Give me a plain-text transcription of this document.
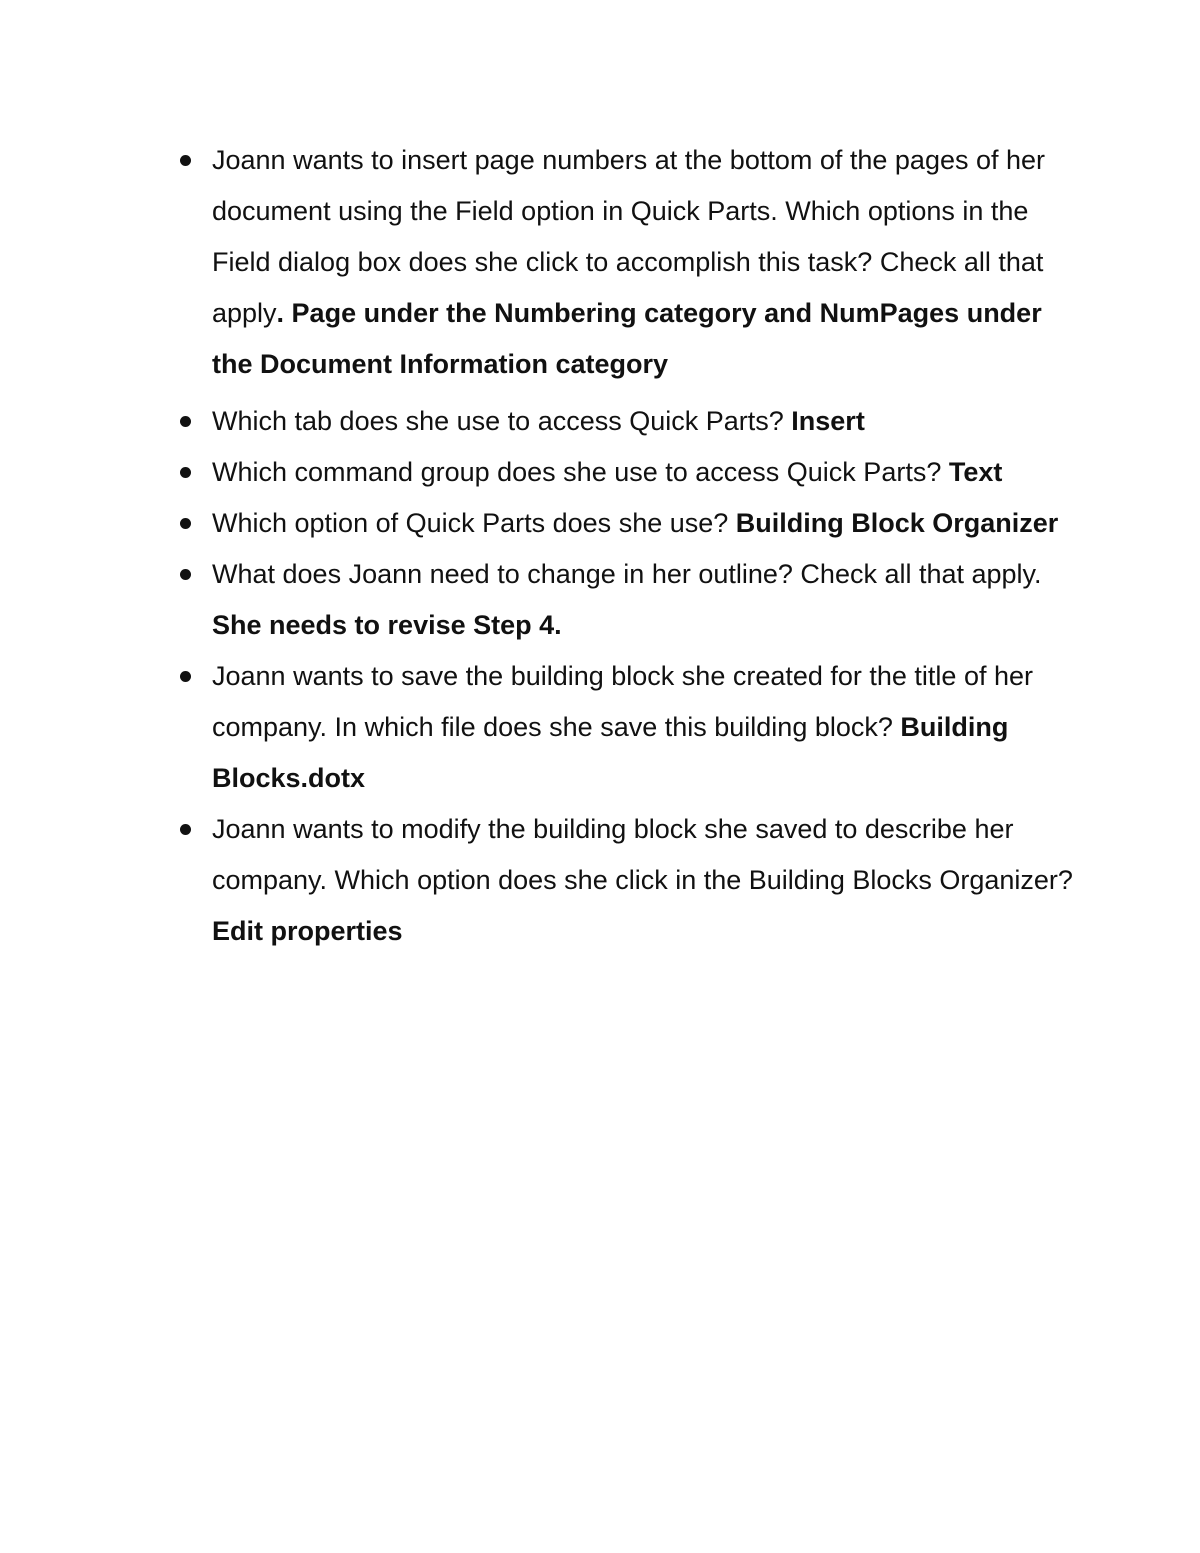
Joann wants to insert page numbers at the bottom of the pages of her document using the Field option in Quick Parts. Which options in the Field dialog box does she click to accomplish this task? Check all that apply. Page under the Numbering category and NumPages under the Document Information category
Which tab does she use to access Quick Parts? Insert
Which command group does she use to access Quick Parts? Text
Which option of Quick Parts does she use? Building Block Organizer
What does Joann need to change in her outline? Check all that apply. She needs to revise Step 4.
Joann wants to save the building block she created for the title of her company. In which file does she save this building block? Building Blocks.dotx
Joann wants to modify the building block she saved to describe her company. Which option does she click in the Building Blocks Organizer? Edit properties
